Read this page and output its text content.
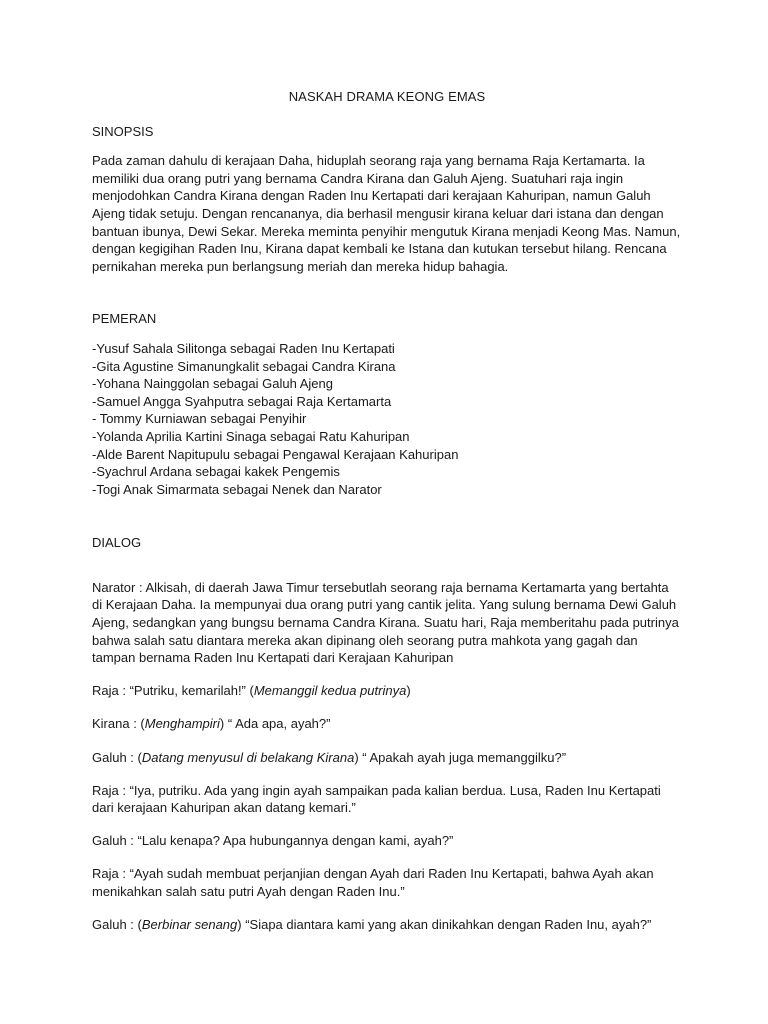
NASKAH DRAMA KEONG EMAS

SINOPSIS

Pada zaman dahulu di kerajaan Daha, hiduplah seorang raja yang bernama Raja Kertamarta. Ia memiliki dua orang putri yang bernama Candra Kirana dan Galuh Ajeng. Suatuhari raja ingin menjodohkan Candra Kirana dengan Raden Inu Kertapati dari kerajaan Kahuripan, namun Galuh Ajeng tidak setuju. Dengan rencananya, dia berhasil mengusir kirana keluar dari istana dan dengan bantuan ibunya, Dewi Sekar. Mereka meminta penyihir mengutuk Kirana menjadi Keong Mas. Namun, dengan kegigihan Raden Inu, Kirana dapat kembali ke Istana dan kutukan tersebut hilang. Rencana pernikahan mereka pun berlangsung meriah dan mereka hidup bahagia.

PEMERAN

-Yusuf Sahala Silitonga sebagai Raden Inu Kertapati
-Gita Agustine Simanungkalit sebagai Candra Kirana
-Yohana Nainggolan sebagai Galuh Ajeng
-Samuel Angga Syahputra sebagai Raja Kertamarta
- Tommy Kurniawan sebagai Penyihir
-Yolanda Aprilia Kartini Sinaga sebagai Ratu Kahuripan
-Alde Barent Napitupulu sebagai Pengawal Kerajaan Kahuripan
-Syachrul Ardana sebagai kakek Pengemis
-Togi Anak Simarmata sebagai Nenek dan Narator

DIALOG

Narator : Alkisah, di daerah Jawa Timur tersebutlah seorang raja bernama Kertamarta yang bertahta di Kerajaan Daha. Ia mempunyai dua orang putri yang cantik jelita. Yang sulung bernama Dewi Galuh Ajeng, sedangkan yang bungsu bernama Candra Kirana. Suatu hari, Raja memberitahu pada putrinya bahwa salah satu diantara mereka akan dipinang oleh seorang putra mahkota yang gagah dan tampan bernama Raden Inu Kertapati dari Kerajaan Kahuripan

Raja : “Putriku, kemarilah!” (Memanggil kedua putrinya)

Kirana : (Menghampiri) “ Ada apa, ayah?”

Galuh : (Datang menyusul di belakang Kirana) “ Apakah ayah juga memanggilku?”

Raja : “Iya, putriku. Ada yang ingin ayah sampaikan pada kalian berdua. Lusa, Raden Inu Kertapati dari kerajaan Kahuripan akan datang kemari.”

Galuh : “Lalu kenapa? Apa hubungannya dengan kami, ayah?”

Raja : “Ayah sudah membuat perjanjian dengan Ayah dari Raden Inu Kertapati, bahwa Ayah akan menikahkan salah satu putri Ayah dengan Raden Inu.”

Galuh : (Berbinar senang) “Siapa diantara kami yang akan dinikahkan dengan Raden Inu, ayah?”
